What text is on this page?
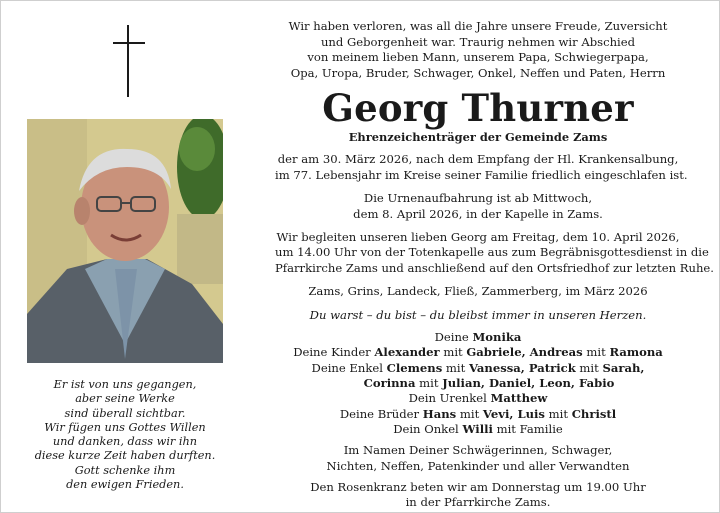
Er ist von uns gegangen,
aber seine Werke
sind überall sichtbar.
Wir fügen uns Gottes Willen
und danken, dass wir ihn
diese kurze Zeit haben durften.
Gott schenke ihm
den ewigen Frieden.
Wir haben verloren, was all die Jahre unsere Freude, Zuversicht
und Geborgenheit war. Traurig nehmen wir Abschied
von meinem lieben Mann, unserem Papa, Schwiegerpapa,
Opa, Uropa, Bruder, Schwager, Onkel, Neffen und Paten, Herrn
Georg Thurner
Ehrenzeichenträger der Gemeinde Zams
der am 30. März 2026, nach dem Empfang der Hl. Krankensalbung,
im 77. Lebensjahr im Kreise seiner Familie friedlich eingeschlafen ist.
Die Urnenaufbahrung ist ab Mittwoch,
dem 8. April 2026, in der Kapelle in Zams.
Wir begleiten unseren lieben Georg am Freitag, dem 10. April 2026,
um 14.00 Uhr von der Totenkapelle aus zum Begräbnisgottesdienst in die
Pfarrkirche Zams und anschließend auf den Ortsfriedhof zur letzten Ruhe.
Zams, Grins, Landeck, Fließ, Zammerberg, im März 2026
Du warst – du bist – du bleibst immer in unseren Herzen.
Deine Monika
Deine Kinder Alexander mit Gabriele, Andreas mit Ramona
Deine Enkel Clemens mit Vanessa, Patrick mit Sarah,
Corinna mit Julian, Daniel, Leon, Fabio
Dein Urenkel Matthew
Deine Brüder Hans mit Vevi, Luis mit Christl
Dein Onkel Willi mit Familie
Im Namen Deiner Schwägerinnen, Schwager,
Nichten, Neffen, Patenkinder und aller Verwandten
Den Rosenkranz beten wir am Donnerstag um 19.00 Uhr
in der Pfarrkirche Zams.
